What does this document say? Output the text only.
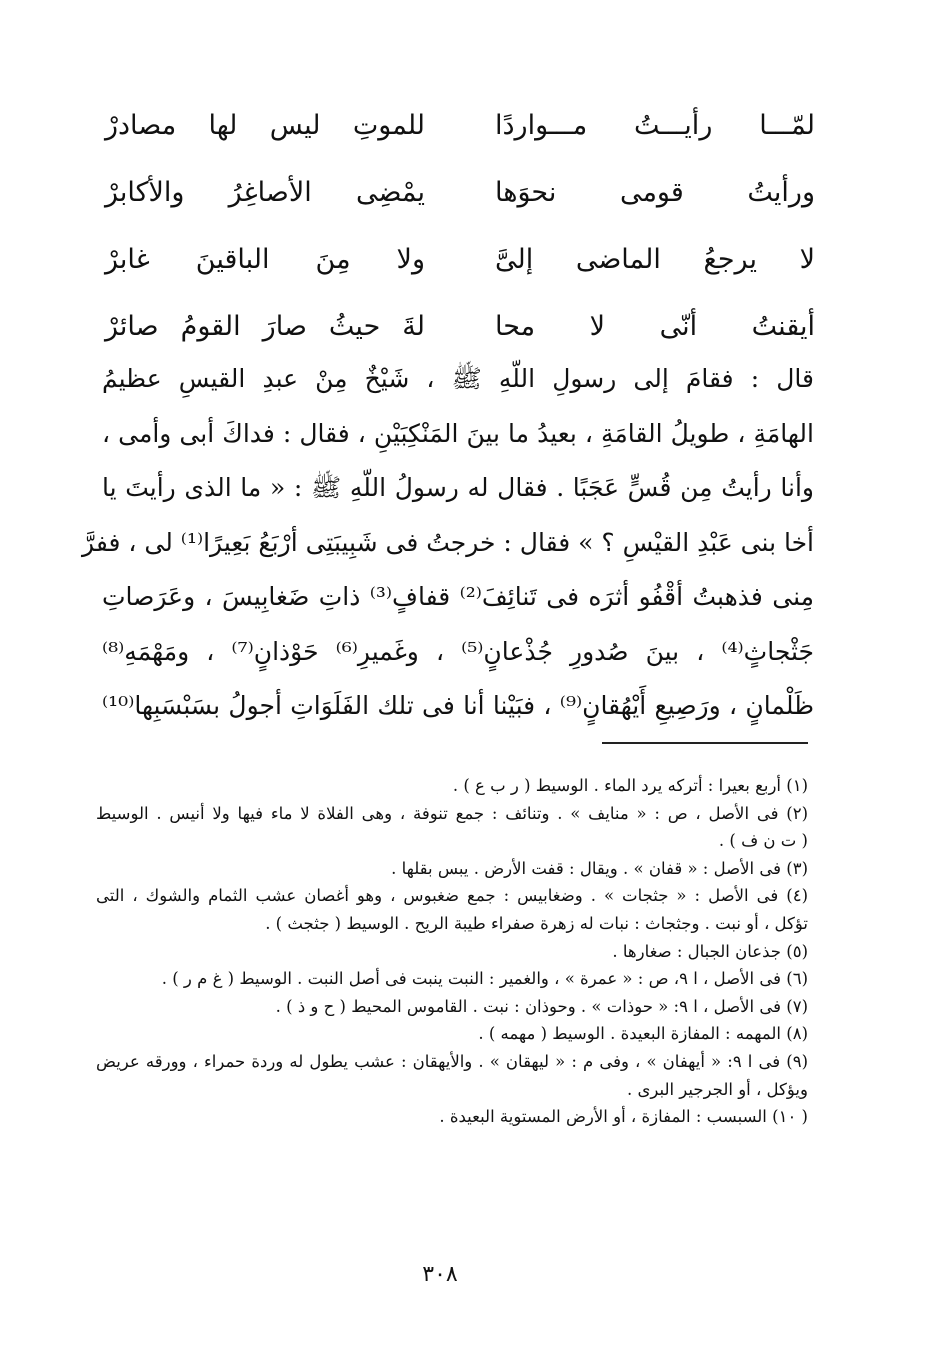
لمّـــا رأيـــتُ مـــواردًا
للموتِ ليس لها مصادرْ
ورأيتُ قومى نحوَها
يمْضِى الأصاغِرُ والأكابرْ
لا يرجعُ الماضى إلىَّ
ولا مِنَ الباقينَ غابرْ
أيقنتُ أنّى لا محا
لةَ حيثُ صارَ القومُ صائرْ
قال : فقامَ إلى رسولِ اللّهِ ﷺ ، شَيْخٌ مِنْ عبدِ القيسِ عظيمُ
الهامَةِ ، طويلُ القامَةِ ، بعيدُ ما بينَ المَنْكِبَيْنِ ، فقال : فداكَ أبى وأمى ،
وأنا رأيتُ مِن قُسٍّ عَجَبًا . فقال له رسولُ اللّهِ ﷺ : « ما الذى رأيتَ يا
أخا بنى عَبْدِ القيْسِ ؟ » فقال : خرجتُ فى شَبِيبَتِى أرْبَعُ بَعِيرًا⁽¹⁾ لى ، ففرَّ
مِنى فذهبتُ أقْفُو أثرَه فى تَنائِفَ⁽²⁾ قفافٍ⁽³⁾ ذاتِ ضَغابِيسَ ، وعَرَصاتِ
جَثْجاثٍ⁽⁴⁾ ، بينَ صُدورِ جُذْعانٍ⁽⁵⁾ ، وغَميرِ⁽⁶⁾ حَوْذانٍ⁽⁷⁾ ، ومَهْمَهِ⁽⁸⁾
ظَلْمانٍ ، ورَصِيعِ أَيْهُقانٍ⁽⁹⁾ ، فبَيْنا أنا فى تلك الفَلَوَاتِ أجولُ بسَبْسَبِها⁽¹⁰⁾
(١) أربع بعيرا : أتركه يرد الماء . الوسيط ( ر ب ع ) .
(٢) فى الأصل ، ص : « منايف » . وتنائف : جمع تنوفة ، وهى الفلاة لا ماء فيها ولا أنيس . الوسيط
( ت ن ف ) .
(٣) فى الأصل : « قفان » . ويقال : قفت الأرض . يبس بقلها .
(٤) فى الأصل : « جثجات » . وضغابيس : جمع ضغبوس ، وهو أغصان عشب الثمام والشوك ، التى
تؤكل ، أو نبت . وجثجاث : نبات له زهرة صفراء طيبة الريح . الوسيط ( جثجث ) .
(٥) جذعان الجبال : صغارها .
(٦) فى الأصل ، ا ٩، ص : « عمرة » ، والغمير : النبت ينبت فى أصل النبت . الوسيط ( غ م ر ) .
(٧) فى الأصل ، ا ٩: « حوذات » . وحوذان : نبت . القاموس المحيط ( ح و ذ ) .
(٨) المهمه : المفازة البعيدة . الوسيط ( مهمه ) .
(٩) فى ا ٩: « أيهفان » ، وفى م : « ليهقان » . والأيهقان : عشب يطول له وردة حمراء ، وورقه عريض
ويؤكل ، أو الجرجير البرى .
( ١٠) السبسب : المفازة ، أو الأرض المستوية البعيدة .
٣٠٨
